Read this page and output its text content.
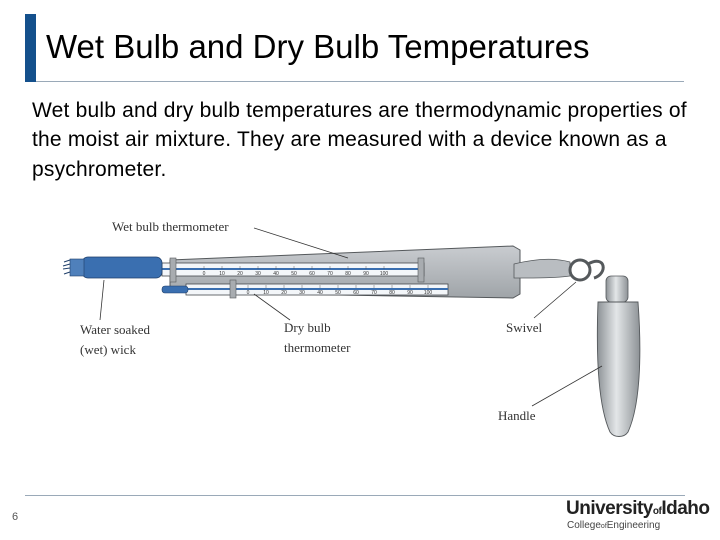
Wet Bulb and Dry Bulb Temperatures

Wet bulb and dry bulb temperatures are thermodynamic properties of the moist air mixture. They are measured with a device known as a psychrometer.

0	10 20 30 40 50 60 70 80 90 100
0	10 20 30 40 50 60 70 80 90 100
Wet bulb thermometer
Water soaked
(wet) wick
Dry bulb
thermometer
Swivel
Handle
6	UniversityofIdaho
CollegeofEngineering
